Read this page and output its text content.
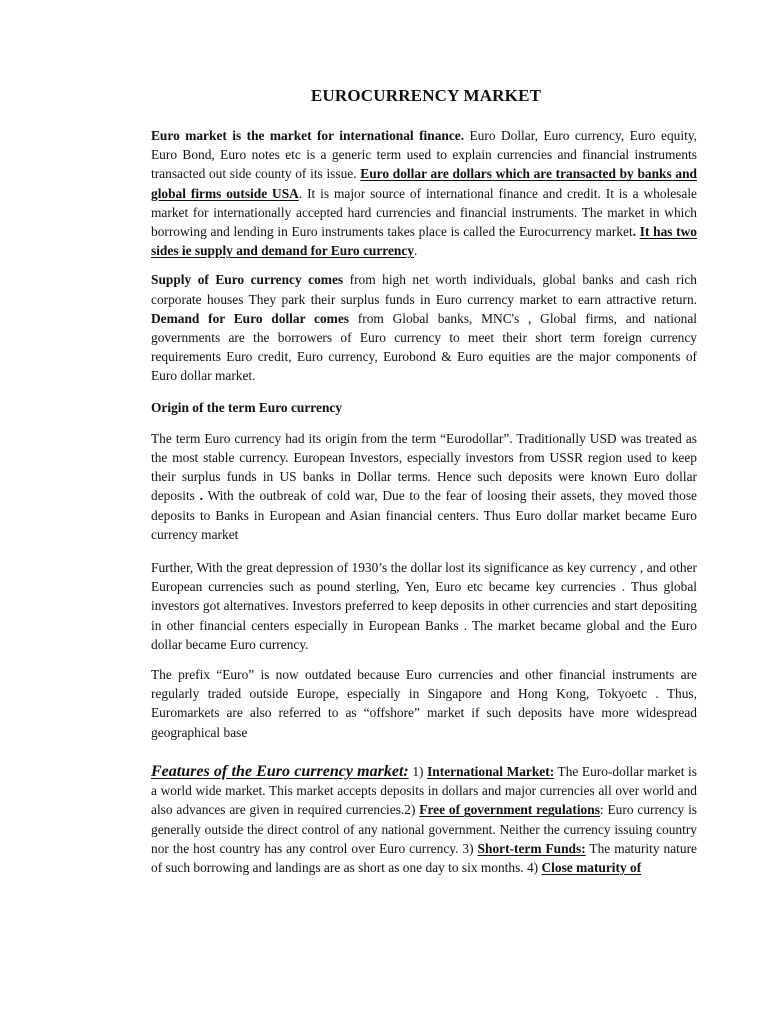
EUROCURRENCY MARKET

Euro market is the market for international finance. Euro Dollar, Euro currency, Euro equity, Euro Bond, Euro notes etc is a generic term used to explain currencies and financial instruments transacted out side county of its issue. Euro dollar are dollars which are transacted by banks and global firms outside USA. It is major source of international finance and credit. It is a wholesale market for internationally accepted hard currencies and financial instruments. The market in which borrowing and lending in Euro instruments takes place is called the Eurocurrency market. It has two sides ie supply and demand for Euro currency.

Supply of Euro currency comes from high net worth individuals, global banks and cash rich corporate houses They park their surplus funds in Euro currency market to earn attractive return. Demand for Euro dollar comes from Global banks, MNC's , Global firms, and national governments are the borrowers of Euro currency to meet their short term foreign currency requirements Euro credit, Euro currency, Eurobond & Euro equities are the major components of Euro dollar market.

Origin of the term Euro currency

The term Euro currency had its origin from the term “Eurodollar”. Traditionally USD was treated as the most stable currency. European Investors, especially investors from USSR region used to keep their surplus funds in US banks in Dollar terms. Hence such deposits were known Euro dollar deposits . With the outbreak of cold war, Due to the fear of loosing their assets, they moved those deposits to Banks in European and Asian financial centers. Thus Euro dollar market became Euro currency market

Further, With the great depression of 1930’s the dollar lost its significance as key currency , and other European currencies such as pound sterling, Yen, Euro etc became key currencies . Thus global investors got alternatives. Investors preferred to keep deposits in other currencies and start depositing in other financial centers especially in European Banks . The market became global and the Euro dollar became Euro currency.

The prefix “Euro” is now outdated because Euro currencies and other financial instruments are regularly traded outside Europe, especially in Singapore and Hong Kong, Tokyoetc . Thus, Euromarkets are also referred to as “offshore” market if such deposits have more widespread geographical base

Features of the Euro currency market: 1) International Market: The Euro-dollar market is a world wide market. This market accepts deposits in dollars and major currencies all over world and also advances are given in required currencies.2) Free of government regulations: Euro currency is generally outside the direct control of any national government. Neither the currency issuing country nor the host country has any control over Euro currency. 3) Short-term Funds: The maturity nature of such borrowing and landings are as short as one day to six months. 4) Close maturity of
